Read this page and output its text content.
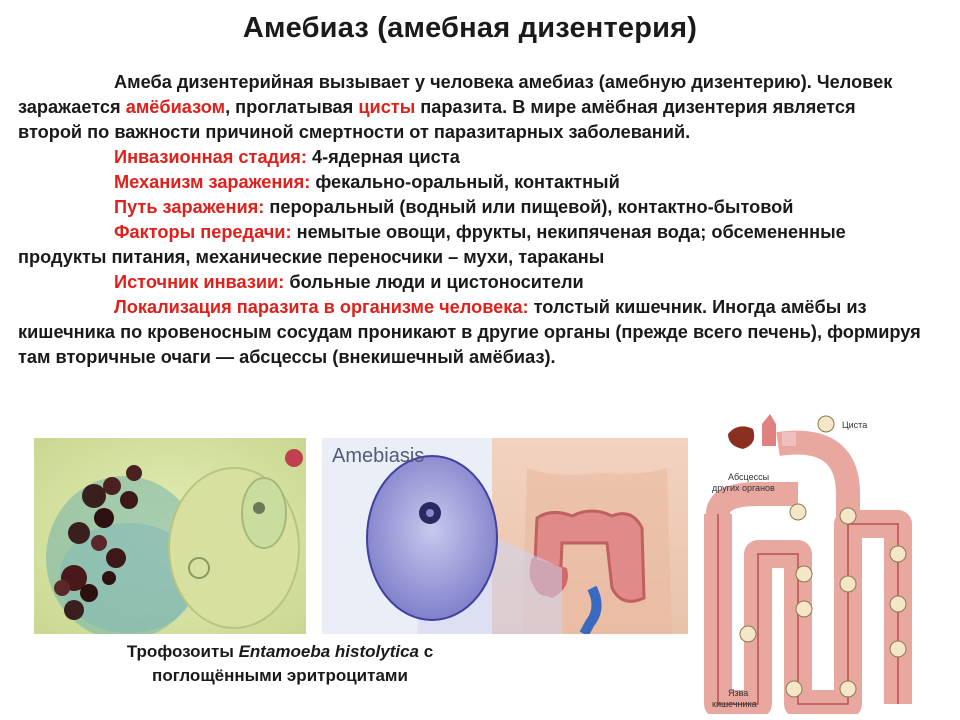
Амебиаз (амебная дизентерия)

Амеба дизентерийная вызывает у человека амебиаз (амебную дизентерию). Человек заражается амёбиазом, проглатывая цисты паразита. В мире амёбная дизентерия является второй по важности причиной смертности от паразитарных заболеваний.

Инвазионная стадия: 4-ядерная циста

Механизм заражения: фекально-оральный, контактный

Путь заражения: пероральный (водный или пищевой), контактно-бытовой

Факторы передачи: немытые овощи, фрукты, некипяченая вода; обсемененные продукты питания, механические переносчики – мухи, тараканы

Источник инвазии: больные люди и цистоносители

Локализация паразита в организме человека: толстый кишечник. Иногда амёбы из кишечника по кровеносным сосудам проникают в другие органы (прежде всего печень), формируя там вторичные очаги — абсцессы (внекишечный амёбиаз).

Amebiasis
Циста
Абсцессы
других органов
Язва
кишечника
Трофозоиты Entamoeba histolytica с поглощёнными эритроцитами
